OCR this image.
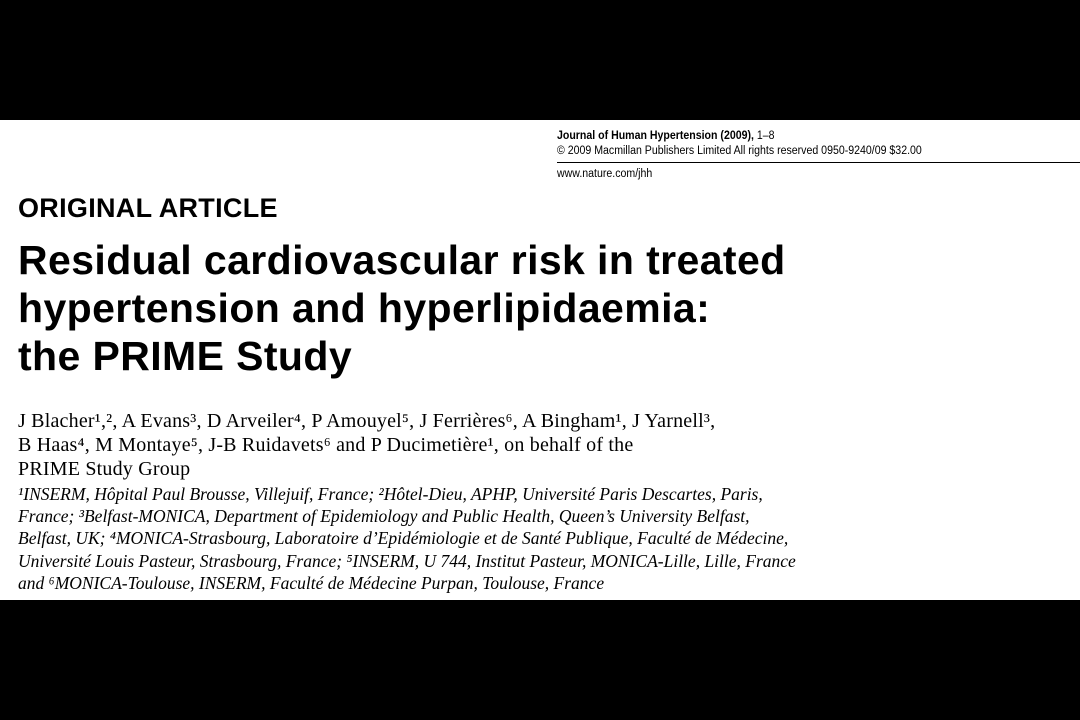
Journal of Human Hypertension (2009), 1–8
© 2009 Macmillan Publishers Limited All rights reserved 0950-9240/09 $32.00
www.nature.com/jhh
ORIGINAL ARTICLE
Residual cardiovascular risk in treated
hypertension and hyperlipidaemia:
the PRIME Study
J Blacher¹,², A Evans³, D Arveiler⁴, P Amouyel⁵, J Ferrières⁶, A Bingham¹, J Yarnell³,
B Haas⁴, M Montaye⁵, J-B Ruidavets⁶ and P Ducimetière¹, on behalf of the
PRIME Study Group
¹INSERM, Hôpital Paul Brousse, Villejuif, France; ²Hôtel-Dieu, APHP, Université Paris Descartes, Paris,
France; ³Belfast-MONICA, Department of Epidemiology and Public Health, Queen’s University Belfast,
Belfast, UK; ⁴MONICA-Strasbourg, Laboratoire d’Epidémiologie et de Santé Publique, Faculté de Médecine,
Université Louis Pasteur, Strasbourg, France; ⁵INSERM, U 744, Institut Pasteur, MONICA-Lille, Lille, France
and ⁶MONICA-Toulouse, INSERM, Faculté de Médecine Purpan, Toulouse, France
